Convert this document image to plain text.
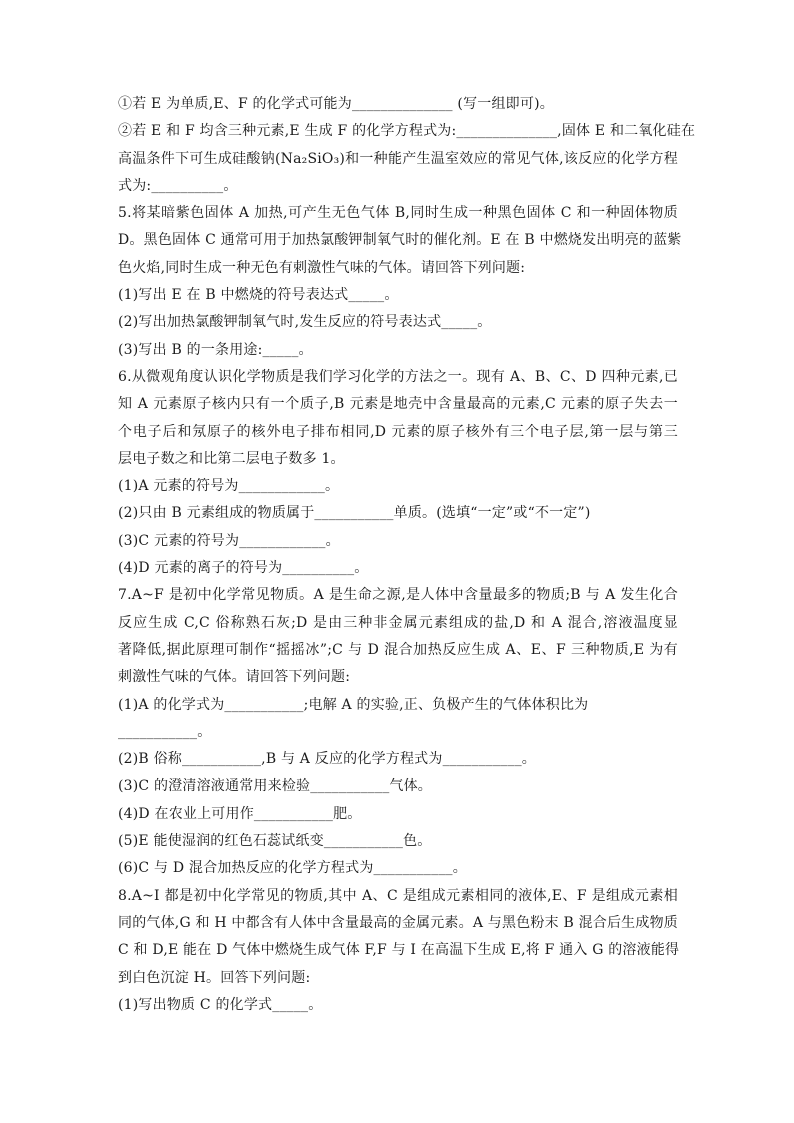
①若 E 为单质,E、F 的化学式可能为______________ (写一组即可)。
②若 E 和 F 均含三种元素,E 生成 F 的化学方程式为:______________,固体 E 和二氧化硅在
高温条件下可生成硅酸钠(Na₂SiO₃)和一种能产生温室效应的常见气体,该反应的化学方程
式为:__________。
5.将某暗紫色固体 A 加热,可产生无色气体 B,同时生成一种黑色固体 C 和一种固体物质
D。黑色固体 C 通常可用于加热氯酸钾制氧气时的催化剂。E 在 B 中燃烧发出明亮的蓝紫
色火焰,同时生成一种无色有刺激性气味的气体。请回答下列问题:
(1)写出 E 在 B 中燃烧的符号表达式_____。
(2)写出加热氯酸钾制氧气时,发生反应的符号表达式_____。
(3)写出 B 的一条用途:_____。
6.从微观角度认识化学物质是我们学习化学的方法之一。现有 A、B、C、D 四种元素,已
知 A 元素原子核内只有一个质子,B 元素是地壳中含量最高的元素,C 元素的原子失去一
个电子后和氖原子的核外电子排布相同,D 元素的原子核外有三个电子层,第一层与第三
层电子数之和比第二层电子数多 1。
(1)A 元素的符号为____________。
(2)只由 B 元素组成的物质属于___________单质。(选填“一定”或“不一定”)
(3)C 元素的符号为____________。
(4)D 元素的离子的符号为__________。
7.A~F 是初中化学常见物质。A 是生命之源,是人体中含量最多的物质;B 与 A 发生化合
反应生成 C,C 俗称熟石灰;D 是由三种非金属元素组成的盐,D 和 A 混合,溶液温度显
著降低,据此原理可制作“摇摇冰”;C 与 D 混合加热反应生成 A、E、F 三种物质,E 为有
刺激性气味的气体。请回答下列问题:
(1)A 的化学式为___________;电解 A 的实验,正、负极产生的气体体积比为
___________。
(2)B 俗称___________,B 与 A 反应的化学方程式为___________。
(3)C 的澄清溶液通常用来检验___________气体。
(4)D 在农业上可用作___________肥。
(5)E 能使湿润的红色石蕊试纸变___________色。
(6)C 与 D 混合加热反应的化学方程式为___________。
8.A~I 都是初中化学常见的物质,其中 A、C 是组成元素相同的液体,E、F 是组成元素相
同的气体,G 和 H 中都含有人体中含量最高的金属元素。A 与黑色粉末 B 混合后生成物质
C 和 D,E 能在 D 气体中燃烧生成气体 F,F 与 I 在高温下生成 E,将 F 通入 G 的溶液能得
到白色沉淀 H。回答下列问题:
(1)写出物质 C 的化学式_____。
